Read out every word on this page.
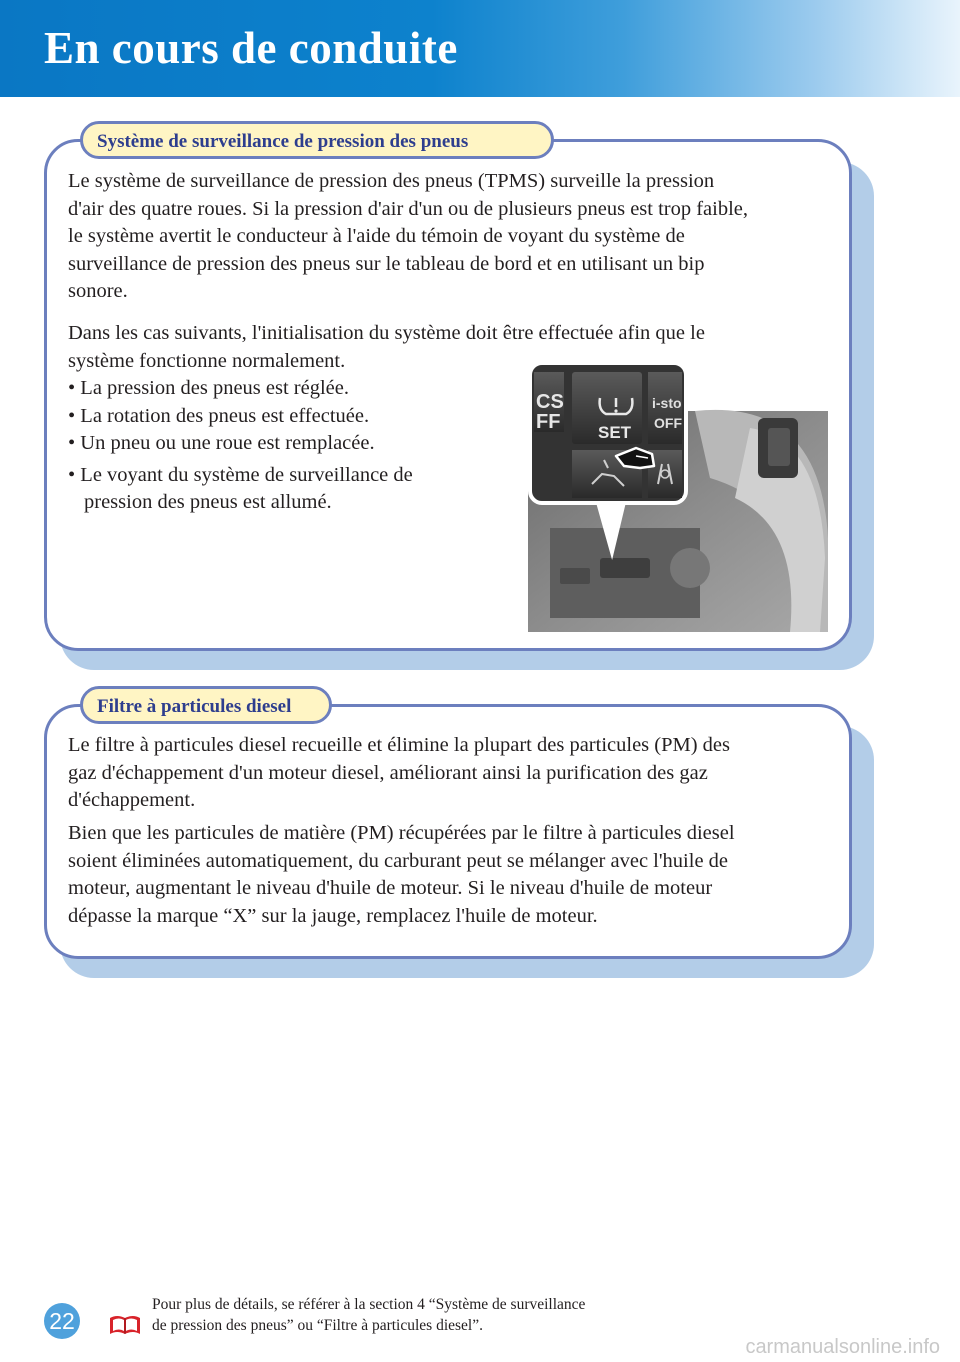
En cours de conduite
Système de surveillance de pression des pneus
Le système de surveillance de pression des pneus (TPMS) surveille la pression
d'air des quatre roues. Si la pression d'air d'un ou de plusieurs pneus est trop faible,
le système avertit le conducteur à l'aide du témoin de voyant du système de
surveillance de pression des pneus sur le tableau de bord et en utilisant un bip
sonore.
Dans les cas suivants, l'initialisation du système doit être effectuée afin que le
système fonctionne normalement.
• La pression des pneus est réglée.
• La rotation des pneus est effectuée.
• Un pneu ou une roue est remplacée.
• Le voyant du système de surveillance de
pression des pneus est allumé.
CS
FF SET
i-sto
OFF
Filtre à particules diesel
Le filtre à particules diesel recueille et élimine la plupart des particules (PM) des
gaz d'échappement d'un moteur diesel, améliorant ainsi la purification des gaz
d'échappement.
Bien que les particules de matière (PM) récupérées par le filtre à particules diesel
soient éliminées automatiquement, du carburant peut se mélanger avec l'huile de
moteur, augmentant le niveau d'huile de moteur. Si le niveau d'huile de moteur
dépasse la marque “X” sur la jauge, remplacez l'huile de moteur.
22
Pour plus de détails, se référer à la section 4 “Système de surveillance
de pression des pneus” ou “Filtre à particules diesel”.
carmanualsonline.info
